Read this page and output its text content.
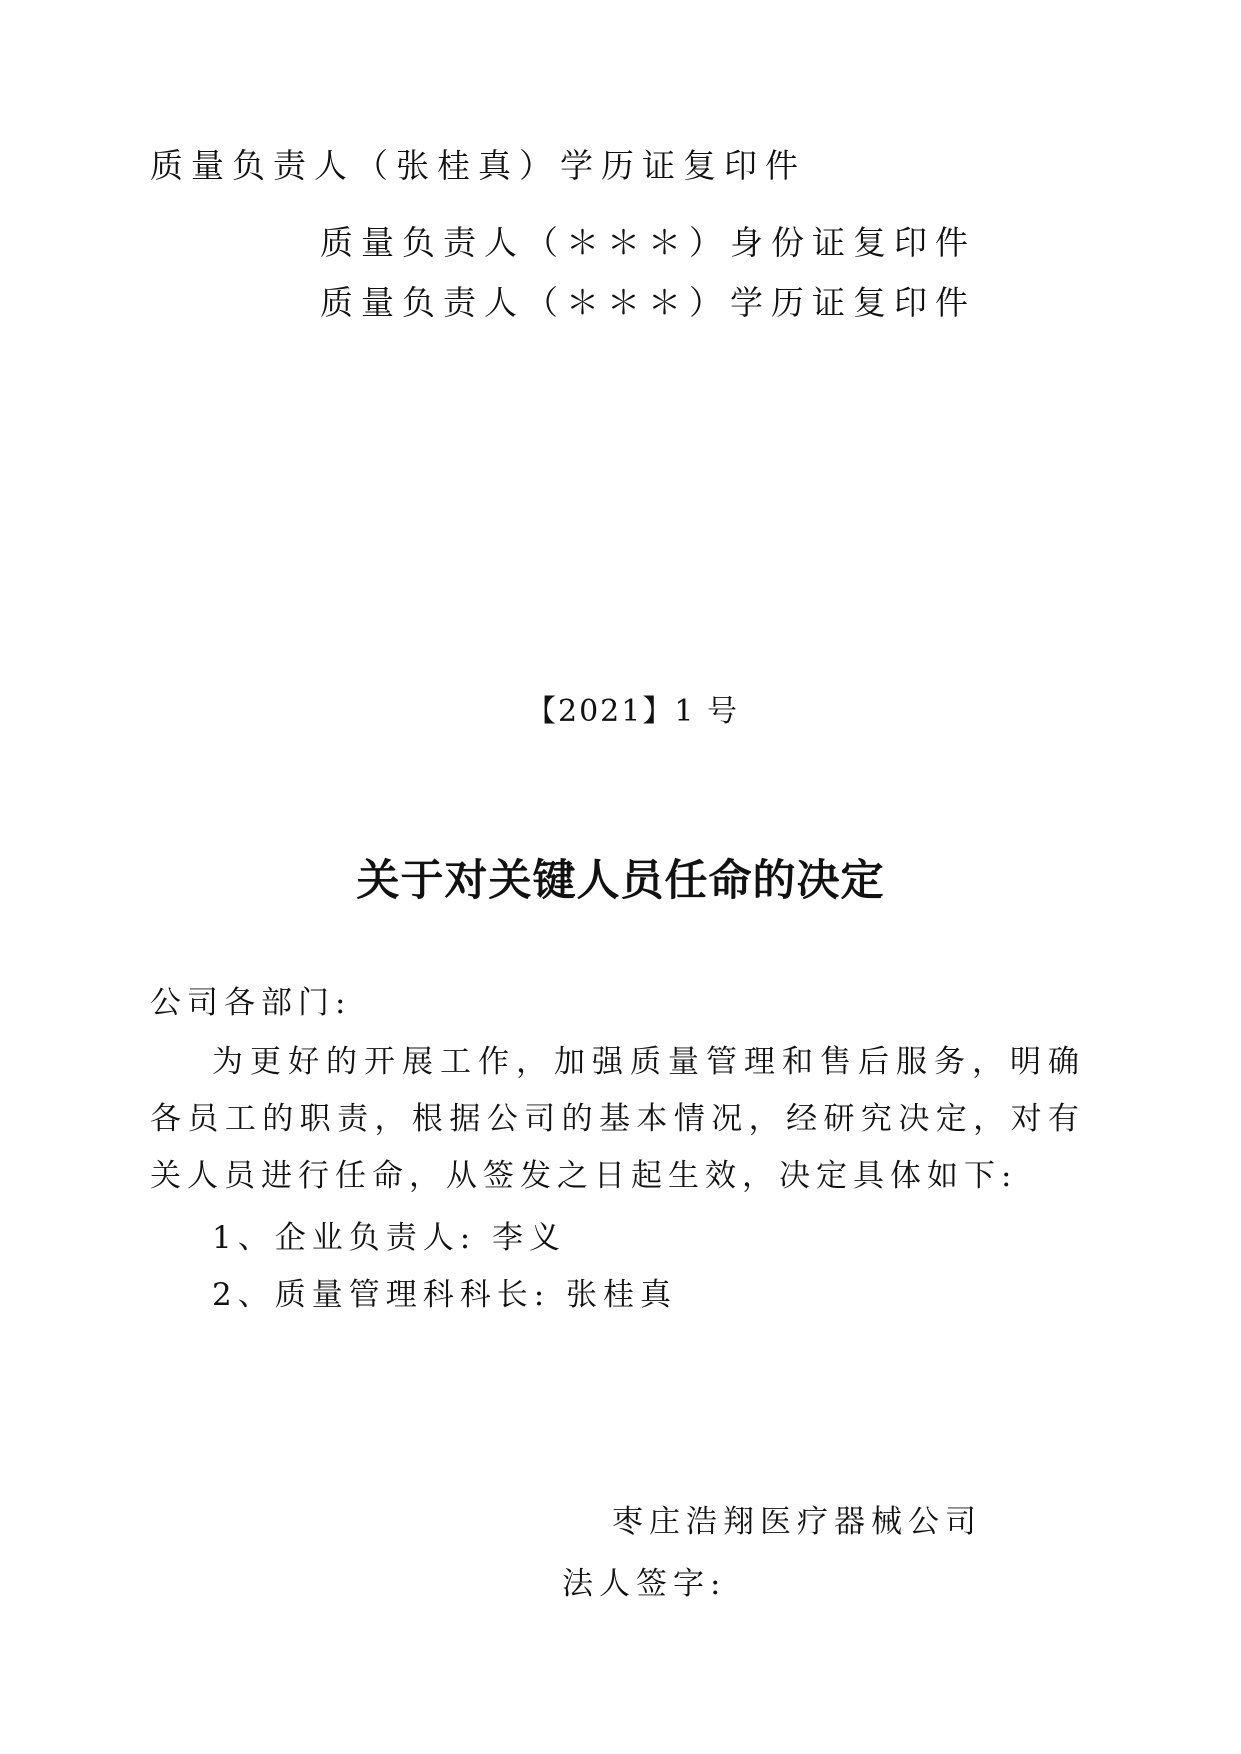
质量负责人（张桂真）学历证复印件
质量负责人（＊＊＊）身份证复印件
质量负责人（＊＊＊）学历证复印件
【2021】1 号
关于对关键人员任命的决定
公司各部门:
为更好的开展工作，加强质量管理和售后服务，明确各员工的职责，根据公司的基本情况，经研究决定，对有关人员进行任命，从签发之日起生效，决定具体如下:
1、企业负责人: 李义
2、质量管理科科长: 张桂真
枣庄浩翔医疗器械公司
法人签字:
